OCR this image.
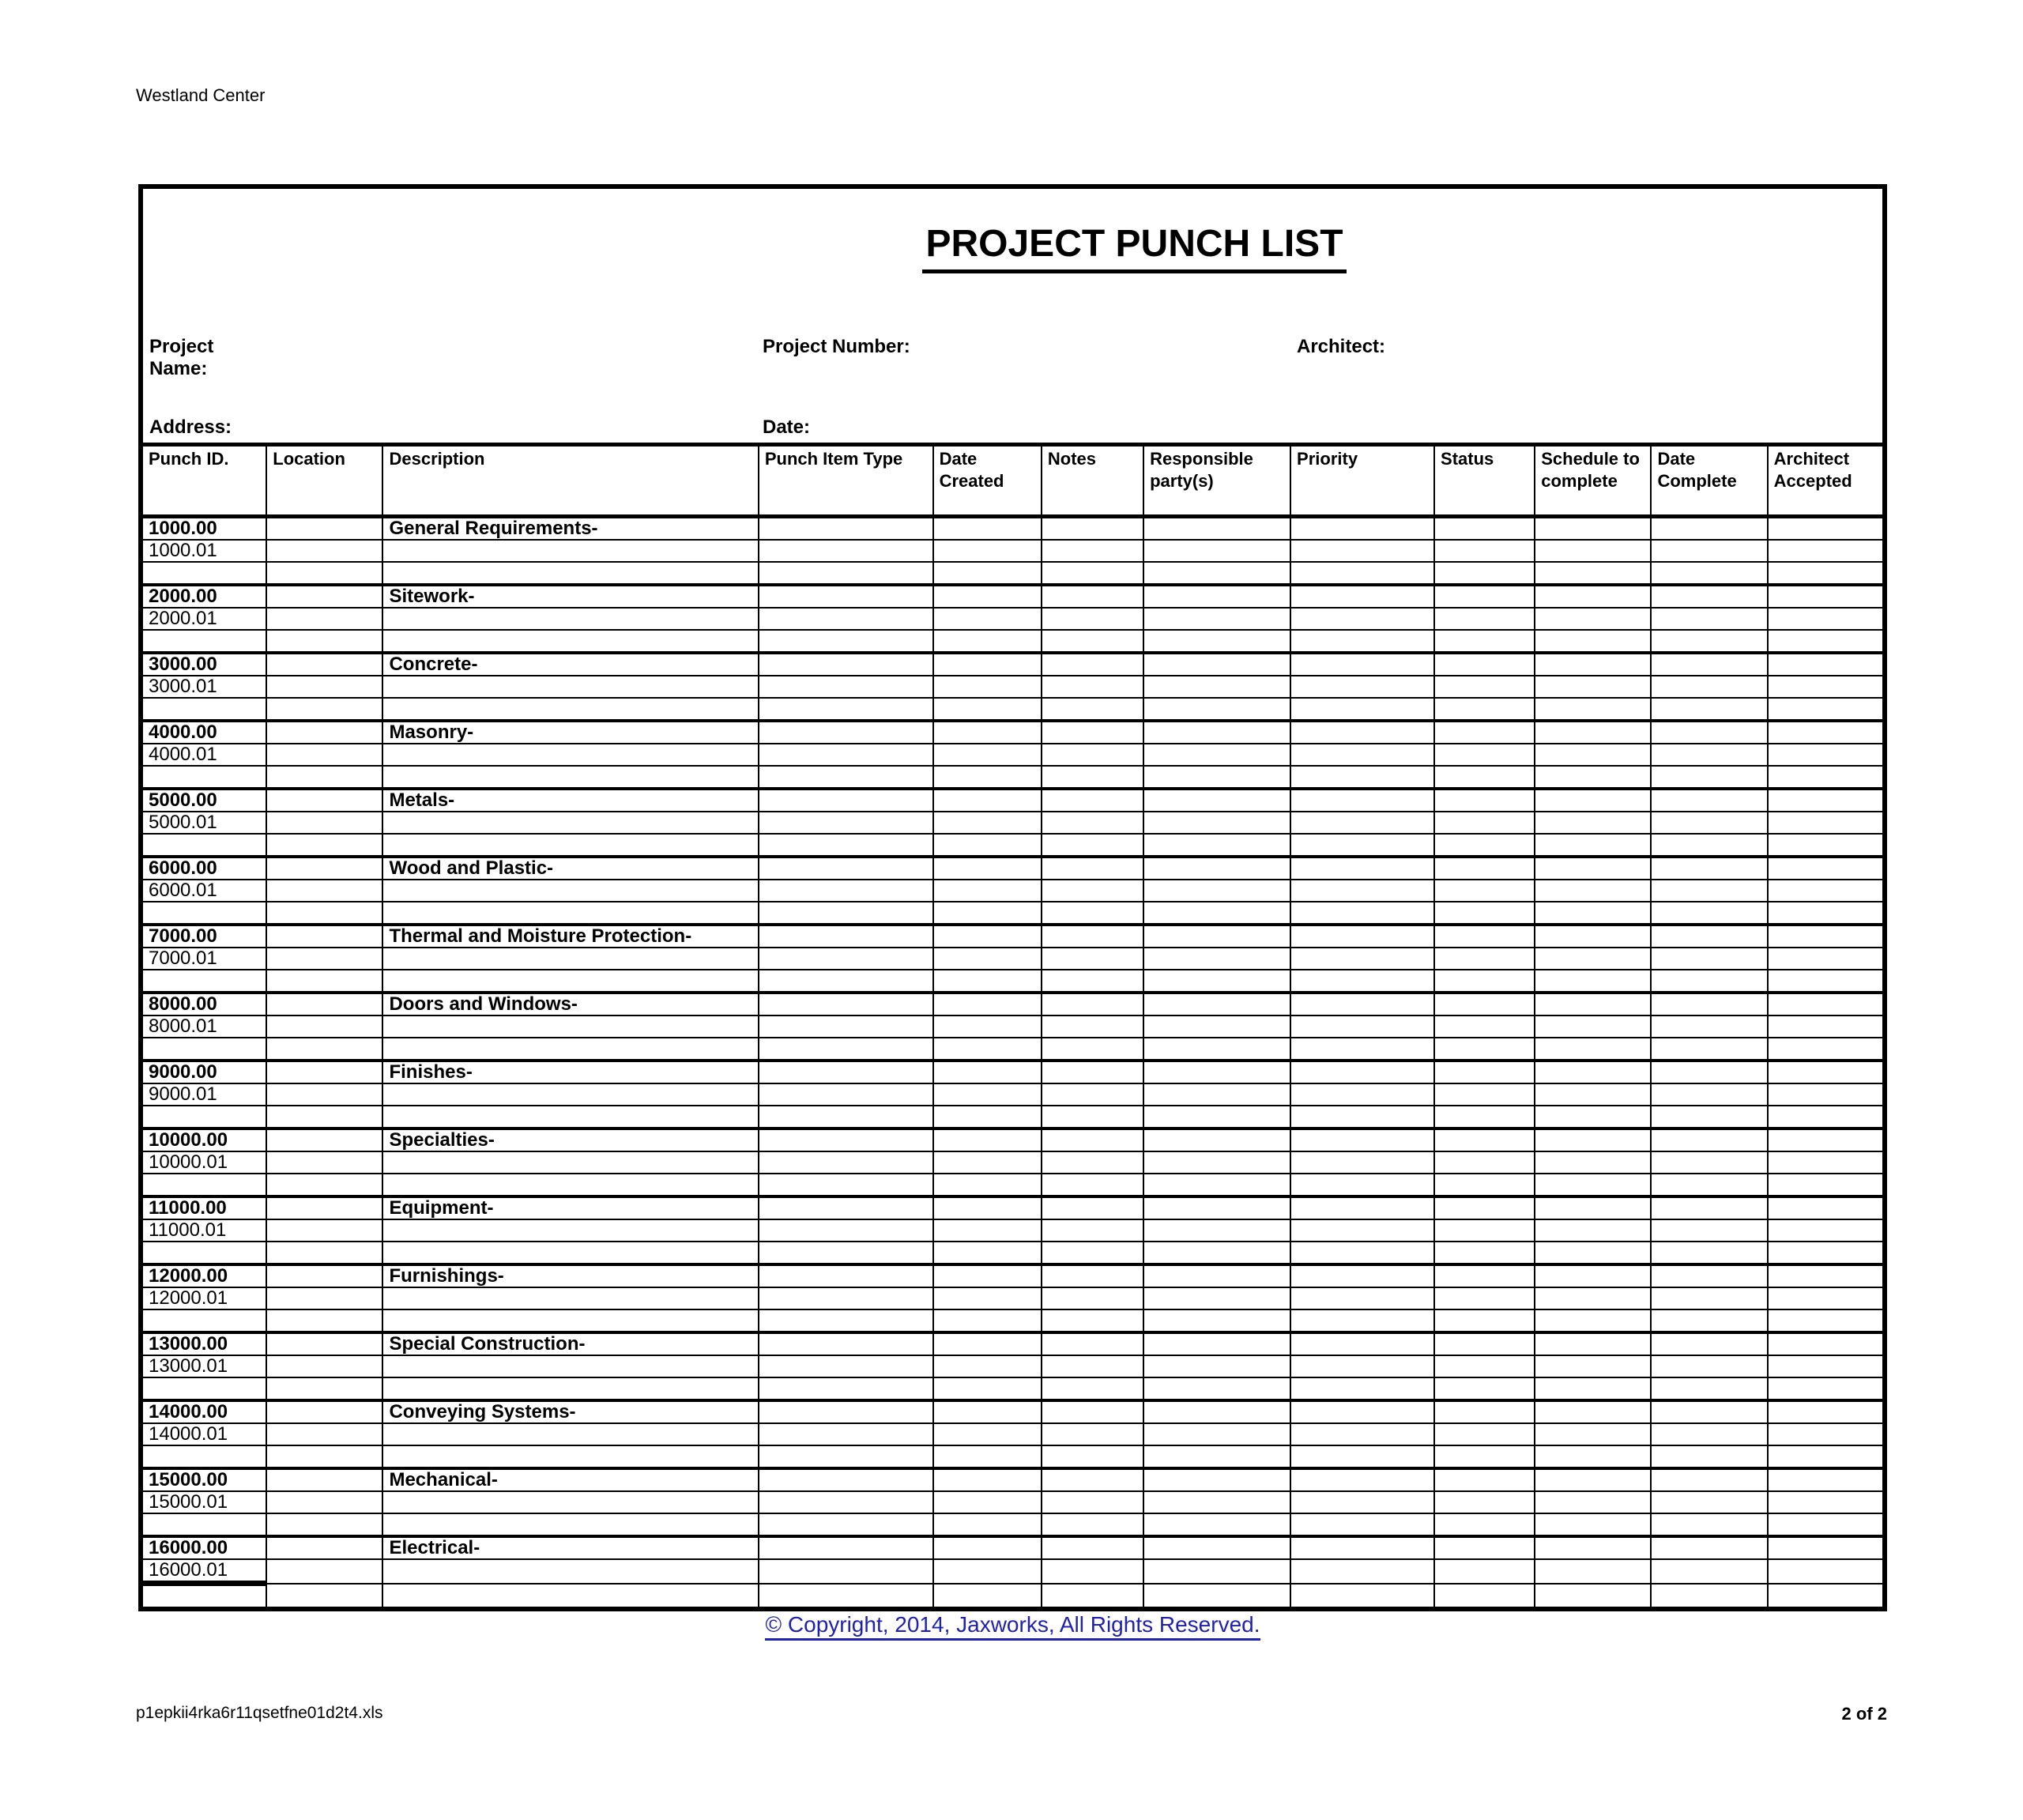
Westland Center
PROJECT PUNCH LIST
Project Name:
Project Number:	Architect:
Address:	Date:
Punch ID.	Location	Description	Punch Item Type	Date Created	Notes	Responsible party(s)	Priority	Status	Schedule to complete	Date Complete	Architect Accepted
1000.00		General Requirements-									
1000.01											

2000.00		Sitework-									
2000.01											

3000.00		Concrete-									
3000.01											

4000.00		Masonry-									
4000.01											

5000.00		Metals-									
5000.01											

6000.00		Wood and Plastic-									
6000.01											

7000.00		Thermal and Moisture Protection-									
7000.01											

8000.00		Doors and Windows-									
8000.01											

9000.00		Finishes-									
9000.01											

10000.00		Specialties-									
10000.01											

11000.00		Equipment-									
11000.01											

12000.00		Furnishings-									
12000.01											

13000.00		Special Construction-									
13000.01											

14000.00		Conveying Systems-									
14000.01											

15000.00		Mechanical-									
15000.01											

16000.00		Electrical-									
16000.01											

© Copyright, 2014, Jaxworks, All Rights Reserved.
p1epkii4rka6r11qsetfne01d2t4.xls	2 of 2
